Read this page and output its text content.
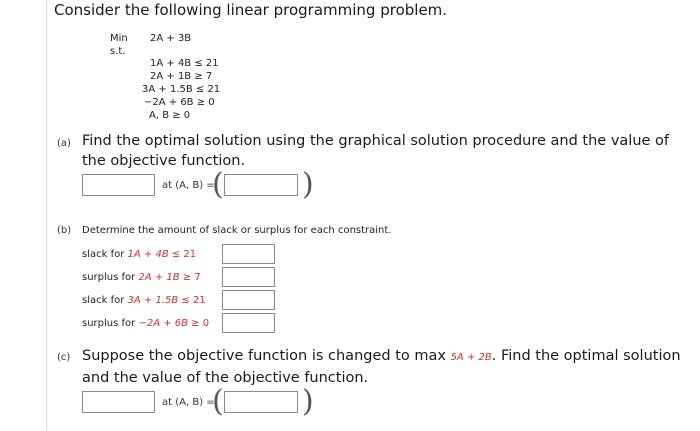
Consider the following linear programming problem.
Min 2A + 3B
s.t.
1A + 4B ≤ 21
2A + 1B ≥ 7
3A + 1.5B ≤ 21
−2A + 6B ≥ 0
A, B ≥ 0
(a) Find the optimal solution using the graphical solution procedure and the value of the objective function.
at (A, B) =
(	)
(b) Determine the amount of slack or surplus for each constraint.
slack for 1A + 4B ≤ 21
surplus for 2A + 1B ≥ 7
slack for 3A + 1.5B ≤ 21
surplus for −2A + 6B ≥ 0
(c) Suppose the objective function is changed to max 5A + 2B. Find the optimal solution and the value of the objective function.
at (A, B) =
(	)
